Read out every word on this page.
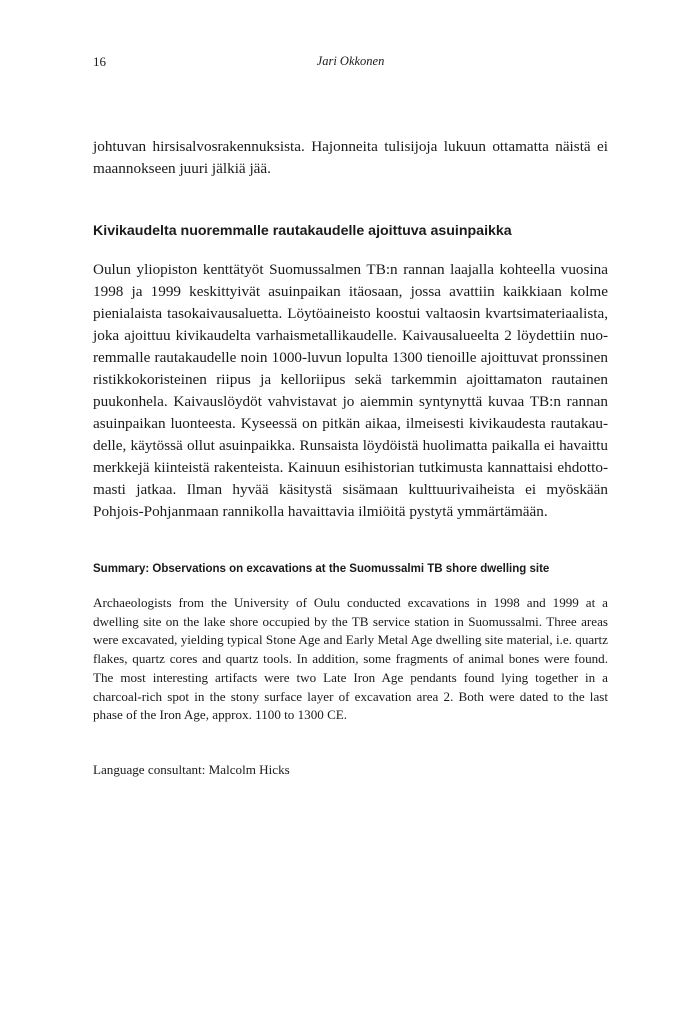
16	Jari Okkonen

johtuvan hirsisalvosrakennuksista. Hajonneita tulisijoja lukuun ottamatta näistä ei maannokseen juuri jälkiä jää.

Kivikaudelta nuoremmalle rautakaudelle ajoittuva asuinpaikka

Oulun yliopiston kenttätyöt Suomussalmen TB:n rannan laajalla kohteella vuosina 1998 ja 1999 keskittyivät asuinpaikan itäosaan, jossa avattiin kaikkiaan kolme pienialaista tasokaivausaluetta. Löytöaineisto koostui valtaosin kvartsimateriaalista, joka ajoittuu kivikaudelta varhaismetallikaudelle. Kaivausalueelta 2 löydettiin nuoremmalle rautakaudelle noin 1000-luvun lopulta 1300 tienoille ajoittuvat pronssinen ristikkokoristeinen riipus ja kelloriipus sekä tarkemmin ajoittamaton rautainen puukonhela. Kaivauslöydöt vahvistavat jo aiemmin syntynyttä kuvaa TB:n rannan asuinpaikan luonteesta. Kyseessä on pitkän aikaa, ilmeisesti kivikaudesta rautakaudelle, käytössä ollut asuinpaikka. Runsaista löydöistä huolimatta paikalla ei havaittu merkkejä kiinteistä rakenteista. Kainuun esihistorian tutkimusta kannattaisi ehdottomasti jatkaa. Ilman hyvää käsitystä sisämaan kulttuurivaiheista ei myöskään Pohjois-Pohjanmaan rannikolla havaittavia ilmiöitä pystytä ymmärtämään.

Summary: Observations on excavations at the Suomussalmi TB shore dwelling site

Archaeologists from the University of Oulu conducted excavations in 1998 and 1999 at a dwelling site on the lake shore occupied by the TB service station in Suomussalmi. Three areas were excavated, yielding typical Stone Age and Early Metal Age dwelling site material, i.e. quartz flakes, quartz cores and quartz tools. In addition, some fragments of animal bones were found. The most interesting artifacts were two Late Iron Age pendants found lying together in a charcoal-rich spot in the stony surface layer of excavation area 2. Both were dated to the last phase of the Iron Age, approx. 1100 to 1300 CE.

Language consultant: Malcolm Hicks
